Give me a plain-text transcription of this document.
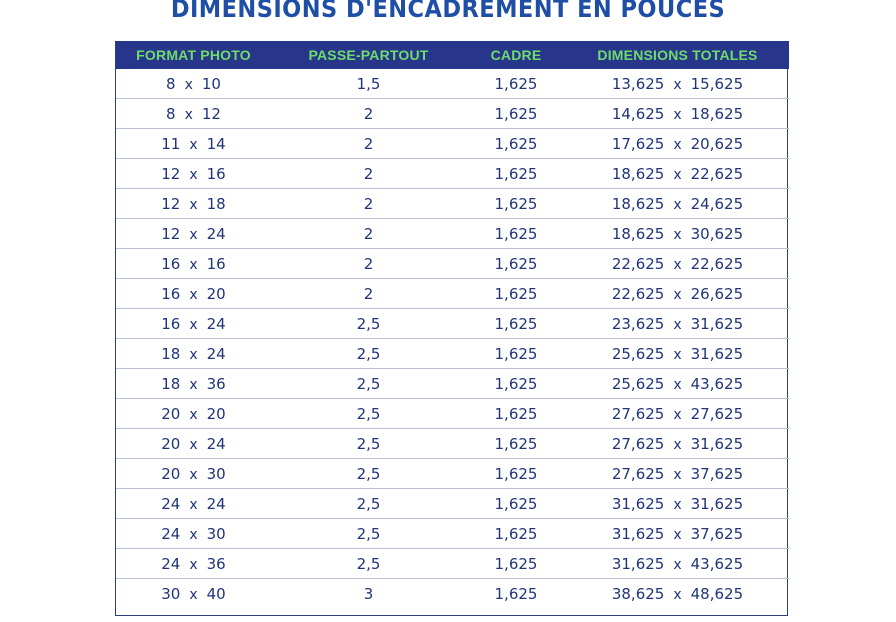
DIMENSIONS D'ENCADREMENT EN POUCES
FORMAT PHOTO	PASSE-PARTOUT	CADRE	DIMENSIONS TOTALES
8 x 10	1,5	1,625	13,625 x 15,625
8 x 12	2	1,625	14,625 x 18,625
11 x 14	2	1,625	17,625 x 20,625
12 x 16	2	1,625	18,625 x 22,625
12 x 18	2	1,625	18,625 x 24,625
12 x 24	2	1,625	18,625 x 30,625
16 x 16	2	1,625	22,625 x 22,625
16 x 20	2	1,625	22,625 x 26,625
16 x 24	2,5	1,625	23,625 x 31,625
18 x 24	2,5	1,625	25,625 x 31,625
18 x 36	2,5	1,625	25,625 x 43,625
20 x 20	2,5	1,625	27,625 x 27,625
20 x 24	2,5	1,625	27,625 x 31,625
20 x 30	2,5	1,625	27,625 x 37,625
24 x 24	2,5	1,625	31,625 x 31,625
24 x 30	2,5	1,625	31,625 x 37,625
24 x 36	2,5	1,625	31,625 x 43,625
30 x 40	3	1,625	38,625 x 48,625
